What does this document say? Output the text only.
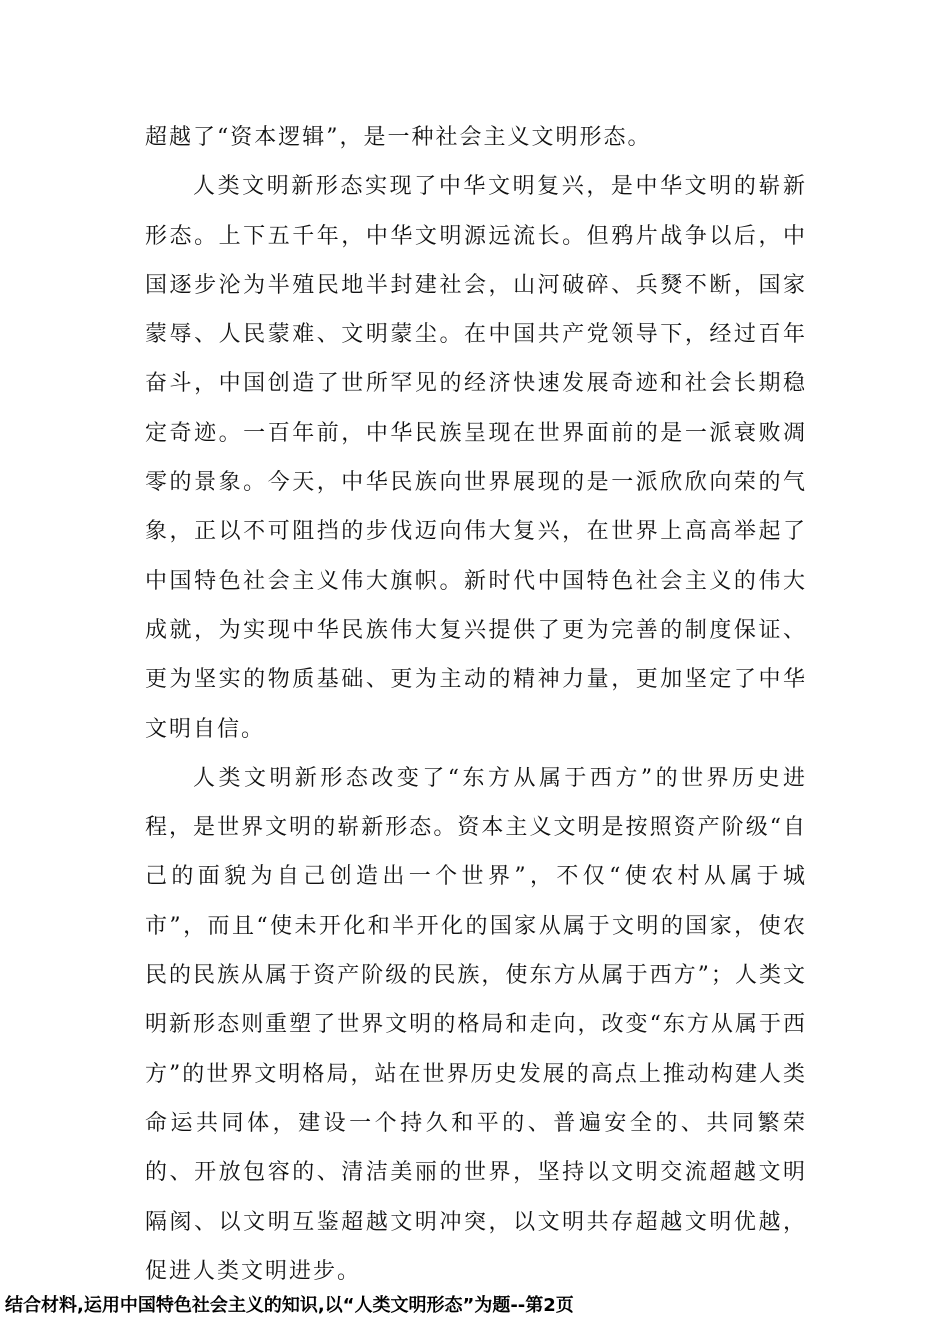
超越了“资本逻辑”，是一种社会主义文明形态。

人类文明新形态实现了中华文明复兴，是中华文明的崭新形态。上下五千年，中华文明源远流长。但鸦片战争以后，中国逐步沦为半殖民地半封建社会，山河破碎、兵燹不断，国家蒙辱、人民蒙难、文明蒙尘。在中国共产党领导下，经过百年奋斗，中国创造了世所罕见的经济快速发展奇迹和社会长期稳定奇迹。一百年前，中华民族呈现在世界面前的是一派衰败凋零的景象。今天，中华民族向世界展现的是一派欣欣向荣的气象，正以不可阻挡的步伐迈向伟大复兴，在世界上高高举起了中国特色社会主义伟大旗帜。新时代中国特色社会主义的伟大成就，为实现中华民族伟大复兴提供了更为完善的制度保证、更为坚实的物质基础、更为主动的精神力量，更加坚定了中华文明自信。

人类文明新形态改变了“东方从属于西方”的世界历史进程，是世界文明的崭新形态。资本主义文明是按照资产阶级“自己的面貌为自己创造出一个世界”，不仅“使农村从属于城市”，而且“使未开化和半开化的国家从属于文明的国家，使农民的民族从属于资产阶级的民族，使东方从属于西方”；人类文明新形态则重塑了世界文明的格局和走向，改变“东方从属于西方”的世界文明格局，站在世界历史发展的高点上推动构建人类命运共同体，建设一个持久和平的、普遍安全的、共同繁荣的、开放包容的、清洁美丽的世界，坚持以文明交流超越文明隔阂、以文明互鉴超越文明冲突，以文明共存超越文明优越，促进人类文明进步。

结合材料,运用中国特色社会主义的知识,以“人类文明形态”为题--第2页
